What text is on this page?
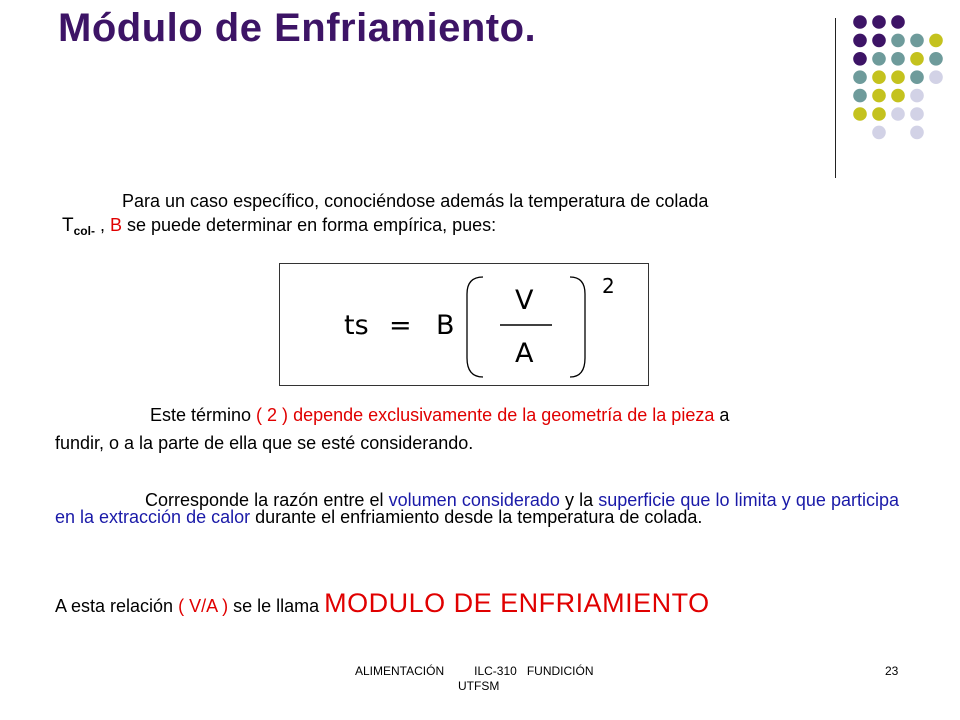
Módulo de Enfriamiento.
Para un caso específico, conociéndose además la temperatura de colada
$T_{col-}$ , B se puede determinar en forma empírica, pues:
ts = B
V
A
2
Este término ( 2 ) depende exclusivamente de la geometría de la pieza a
fundir, o a la parte de ella que se esté considerando.
Corresponde la razón entre el volumen considerado y la superficie que lo limita y que participa en la extracción de calor durante el enfriamiento desde la temperatura de colada.
A esta relación ( V/A ) se le llama MODULO DE ENFRIAMIENTO
ALIMENTACIÓN         ILC-310   FUNDICIÓN
UTFSM
23
